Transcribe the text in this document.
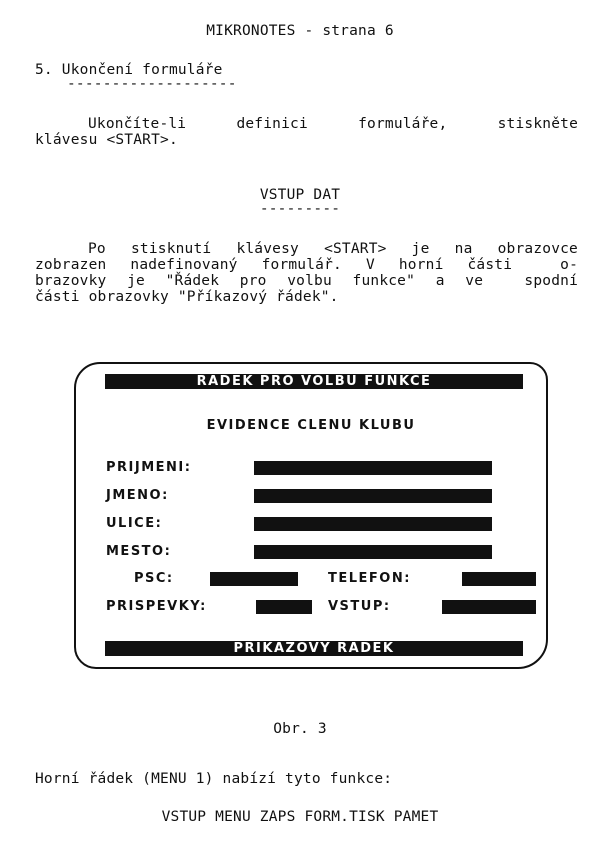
MIKRONOTES - strana 6
5. Ukončení formuláře
-------------------
Ukončíte-li   definici   formuláře,   stiskněte
klávesu <START>.
VSTUP DAT
---------
Po stisknutí klávesy <START> je na obrazovce
zobrazen nadefinovaný formulář. V horní části  o-
brazovky je "Řádek pro volbu funkce" a ve  spodní
části obrazovky "Příkazový řádek".
RADEK PRO VOLBU FUNKCE
EVIDENCE CLENU KLUBU
PRIJMENI:
JMENO:
ULICE:
MESTO:
PSC:	TELEFON:
PRISPEVKY:	VSTUP:
PRIKAZOVY RADEK
Obr. 3
Horní řádek (MENU 1) nabízí tyto funkce:
VSTUP MENU ZAPS FORM.TISK PAMET
